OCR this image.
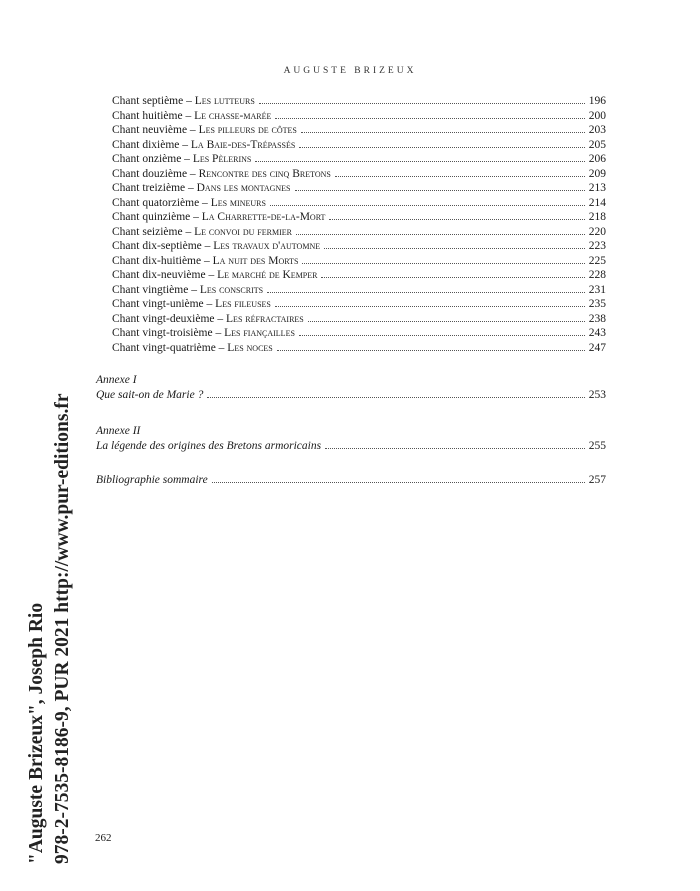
AUGUSTE BRIZEUX
Chant septième – Les lutteurs	196
Chant huitième – Le chasse-marée	200
Chant neuvième – Les pilleurs de côtes	203
Chant dixième – La Baie-des-Trépassés	205
Chant onzième – Les Pèlerins	206
Chant douzième – Rencontre des cinq Bretons	209
Chant treizième – Dans les montagnes	213
Chant quatorzième – Les mineurs	214
Chant quinzième – La Charrette-de-la-Mort	218
Chant seizième – Le convoi du fermier	220
Chant dix-septième – Les travaux d'automne	223
Chant dix-huitième – La nuit des Morts	225
Chant dix-neuvième – Le marché de Kemper	228
Chant vingtième – Les conscrits	231
Chant vingt-unième – Les fileuses	235
Chant vingt-deuxième – Les réfractaires	238
Chant vingt-troisième – Les fiançailles	243
Chant vingt-quatrième – Les noces	247
Annexe I
Que sait-on de Marie ?	253
Annexe II
La légende des origines des Bretons armoricains	255
Bibliographie sommaire	257
"Auguste Brizeux", Joseph Rio 978-2-7535-8186-9, PUR 2021 http://www.pur-editions.fr 262
